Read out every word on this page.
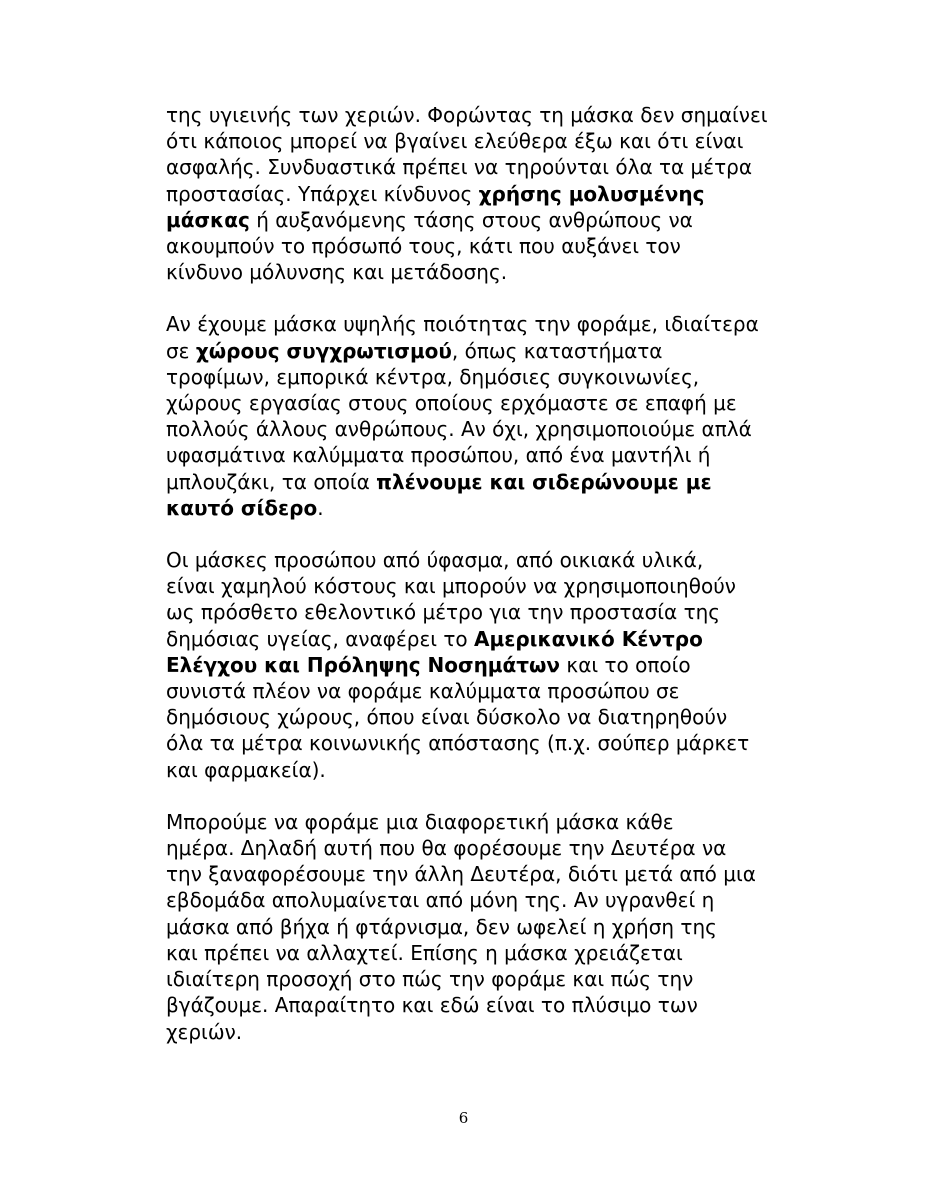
της υγιεινής των χεριών. Φορώντας τη μάσκα δεν σημαίνει
ότι κάποιος μπορεί να βγαίνει ελεύθερα έξω και ότι είναι
ασφαλής. Συνδυαστικά πρέπει να τηρούνται όλα τα μέτρα
προστασίας. Υπάρχει κίνδυνος χρήσης μολυσμένης
μάσκας ή αυξανόμενης τάσης στους ανθρώπους να
ακουμπούν το πρόσωπό τους, κάτι που αυξάνει τον
κίνδυνο μόλυνσης και μετάδοσης.

Αν έχουμε μάσκα υψηλής ποιότητας την φοράμε, ιδιαίτερα
σε χώρους συγχρωτισμού, όπως καταστήματα
τροφίμων, εμπορικά κέντρα, δημόσιες συγκοινωνίες,
χώρους εργασίας στους οποίους ερχόμαστε σε επαφή με
πολλούς άλλους ανθρώπους. Αν όχι, χρησιμοποιούμε απλά
υφασμάτινα καλύμματα προσώπου, από ένα μαντήλι ή
μπλουζάκι, τα οποία πλένουμε και σιδερώνουμε με
καυτό σίδερο.

Οι μάσκες προσώπου από ύφασμα, από οικιακά υλικά,
είναι χαμηλού κόστους και μπορούν να χρησιμοποιηθούν
ως πρόσθετο εθελοντικό μέτρο για την προστασία της
δημόσιας υγείας, αναφέρει το Αμερικανικό Κέντρο
Ελέγχου και Πρόληψης Νοσημάτων και το οποίο
συνιστά πλέον να φοράμε καλύμματα προσώπου σε
δημόσιους χώρους, όπου είναι δύσκολο να διατηρηθούν
όλα τα μέτρα κοινωνικής απόστασης (π.χ. σούπερ μάρκετ
και φαρμακεία).

Μπορούμε να φοράμε μια διαφορετική μάσκα κάθε
ημέρα. Δηλαδή αυτή που θα φορέσουμε την Δευτέρα να
την ξαναφορέσουμε την άλλη Δευτέρα, διότι μετά από μια
εβδομάδα απολυμαίνεται από μόνη της. Αν υγρανθεί η
μάσκα από βήχα ή φτάρνισμα, δεν ωφελεί η χρήση της
και πρέπει να αλλαχτεί. Επίσης η μάσκα χρειάζεται
ιδιαίτερη προσοχή στο πώς την φοράμε και πώς την
βγάζουμε. Απαραίτητο και εδώ είναι το πλύσιμο των
χεριών.

6
